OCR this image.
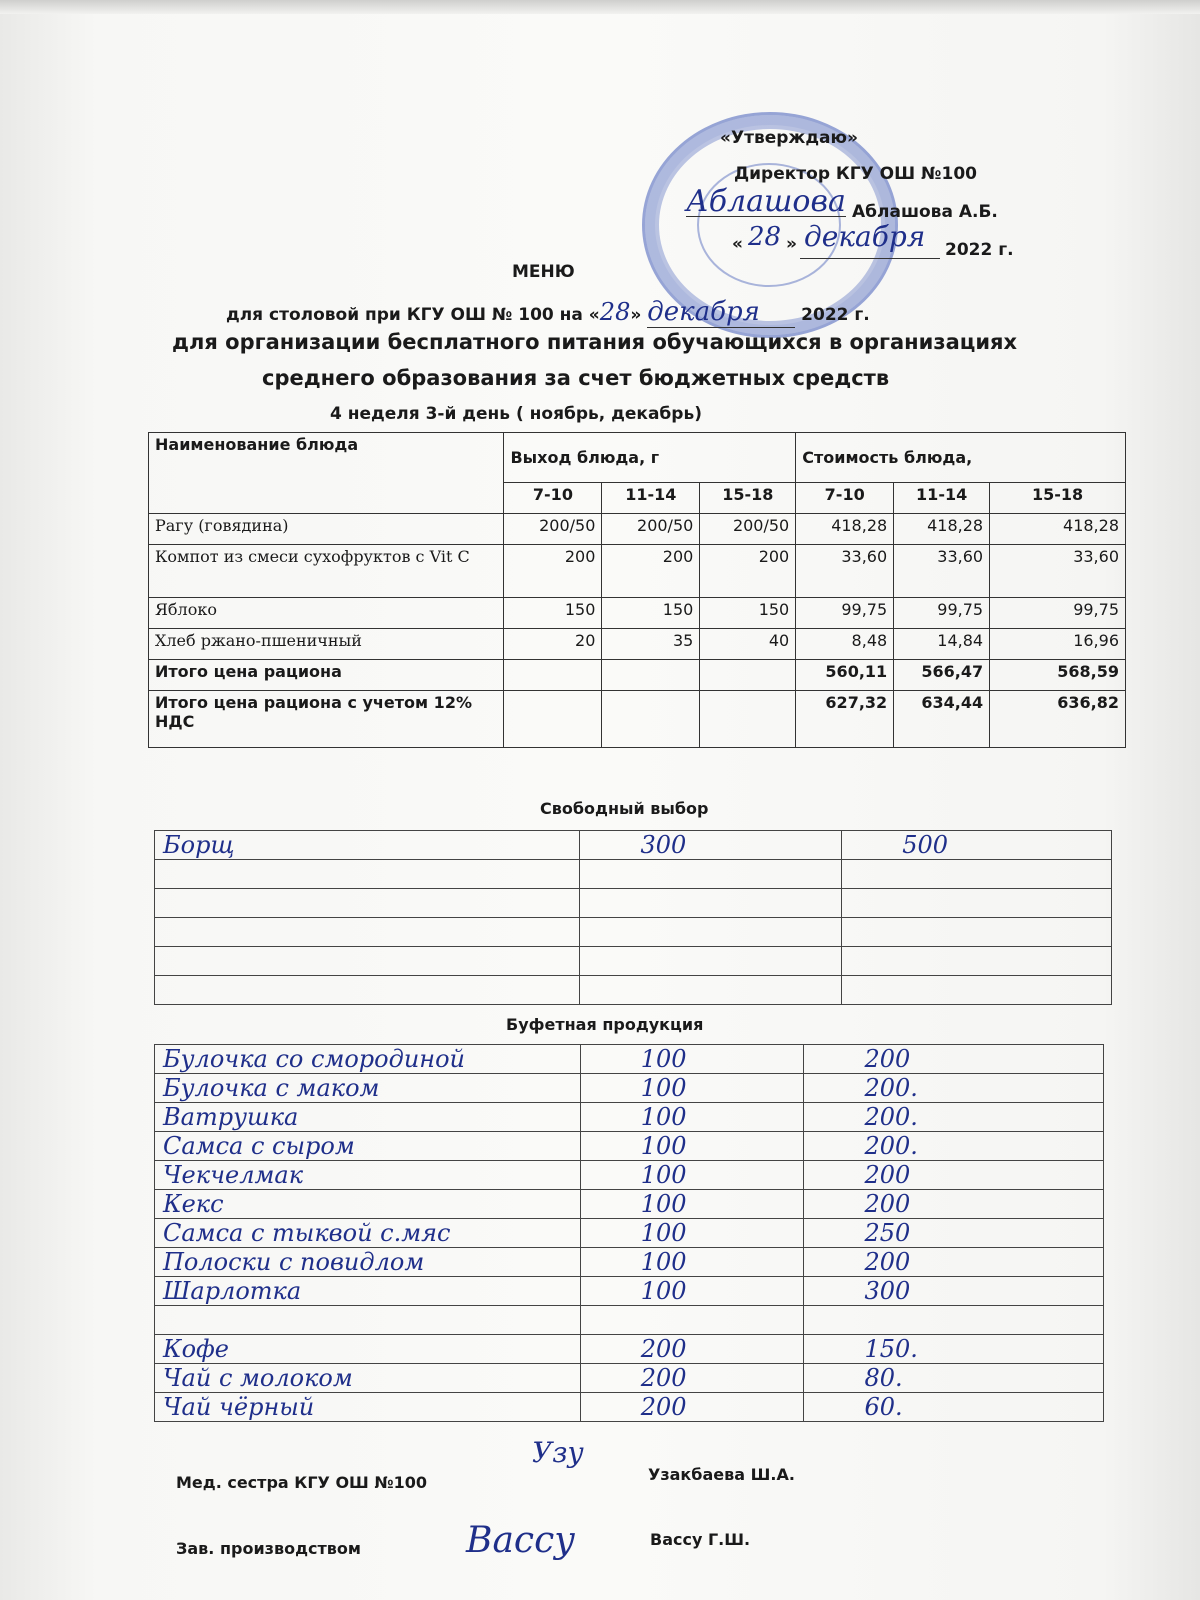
«Утверждаю»
Директор КГУ ОШ №100
Аблашова Аблашова А.Б.
« 28 » декабря 2022 г.
МЕНЮ
для столовой при КГУ ОШ № 100 на «28» декабря 2022 г.
для организации бесплатного питания обучающихся в организациях
среднего образования за счет бюджетных средств
4 неделя 3-й день ( ноябрь, декабрь)
Наименование блюда	Выход блюда, г			Стоимость блюда,		
	7-10	11-14	15-18	7-10	11-14	15-18
Рагу (говядина)	200/50	200/50	200/50	418,28	418,28	418,28
Компот из смеси сухофруктов с Vit C	200	200	200	33,60	33,60	33,60
Яблоко	150	150	150	99,75	99,75	99,75
Хлеб ржано-пшеничный	20	35	40	8,48	14,84	16,96
Итого цена рациона				560,11	566,47	568,59
Итого цена рациона с учетом 12% НДС				627,32	634,44	636,82
Свободный выбор
Борщ	300	500

Буфетная продукция
Булочка со смородиной	100	200
Булочка с маком	100	200.
Ватрушка	100	200.
Самса с сыром	100	200.
Чекчелмак	100	200
Кекс	100	200
Самса с тыквой с.мяс	100	250
Полоски с повидлом	100	200
Шарлотка	100	300

Кофе	200	150.
Чай с молоком	200	80.
Чай чёрный	200	60.
Мед. сестра КГУ ОШ №100
Узу
Узакбаева Ш.А.
Зав. производством	Вассу	Вассу Г.Ш.
